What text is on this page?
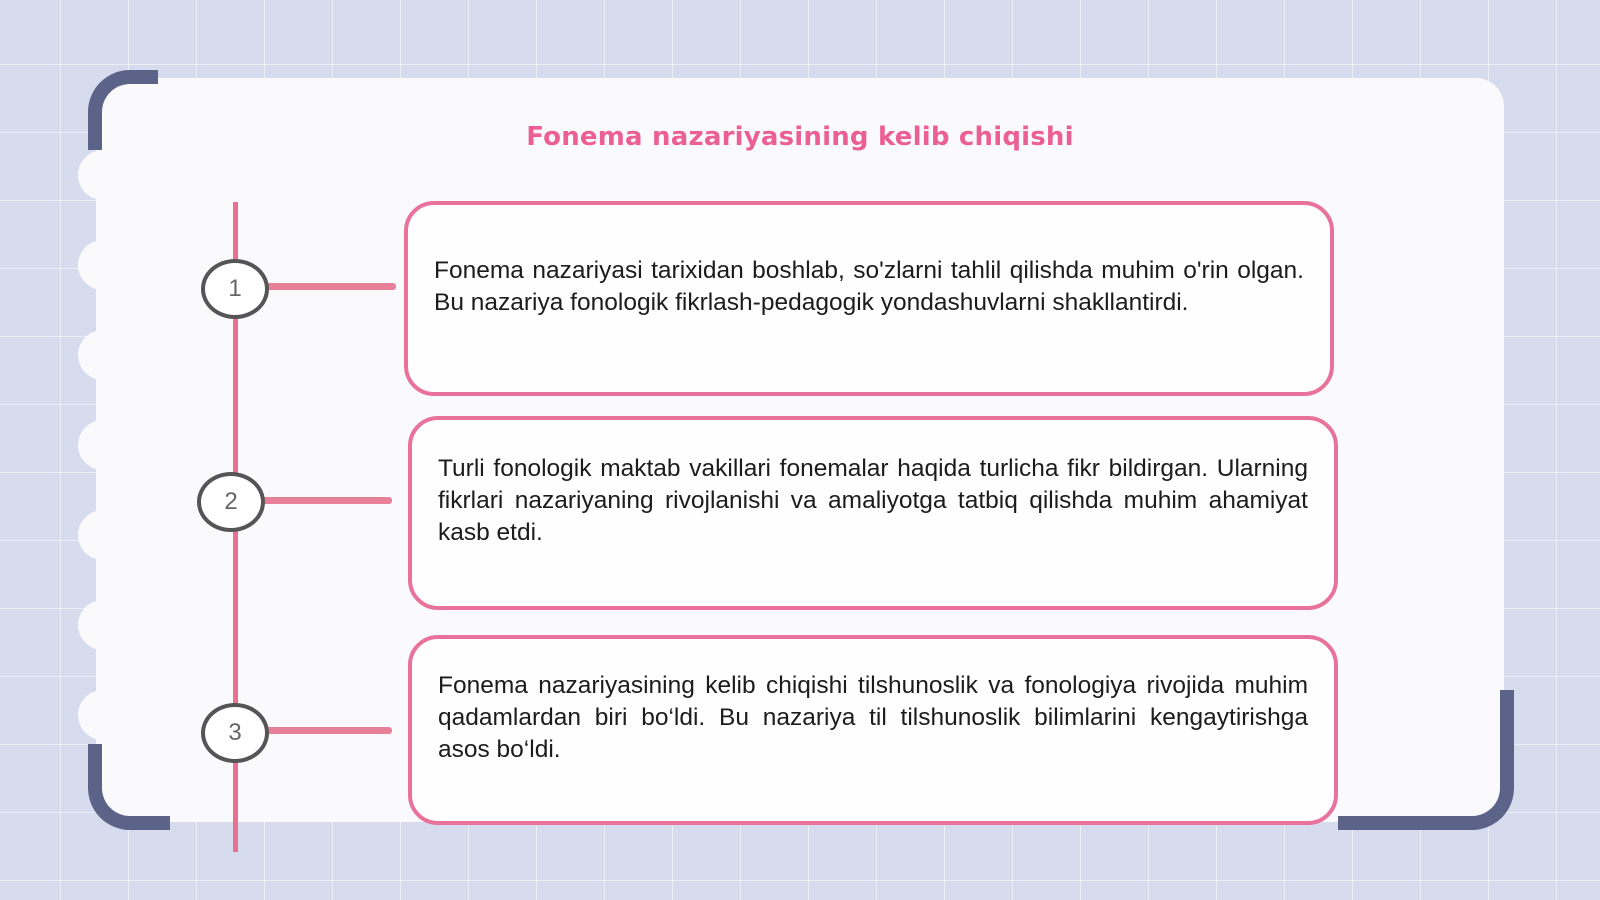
Fonema nazariyasining kelib chiqishi
1

Fonema nazariyasi tarixidan boshlab, so'zlarni tahlil qilishda muhim o'rin olgan. Bu nazariya fonologik fikrlash-pedagogik yondashuvlarni shakllantirdi.

2

Turli fonologik maktab vakillari fonemalar haqida turlicha fikr bildirgan. Ularning fikrlari nazariyaning rivojlanishi va amaliyotga tatbiq qilishda muhim ahamiyat kasb etdi.

3

Fonema nazariyasining kelib chiqishi tilshunoslik va fonologiya rivojida muhim qadamlardan biri bo‘ldi. Bu nazariya til tilshunoslik bilimlarini kengaytirishga asos bo‘ldi.
